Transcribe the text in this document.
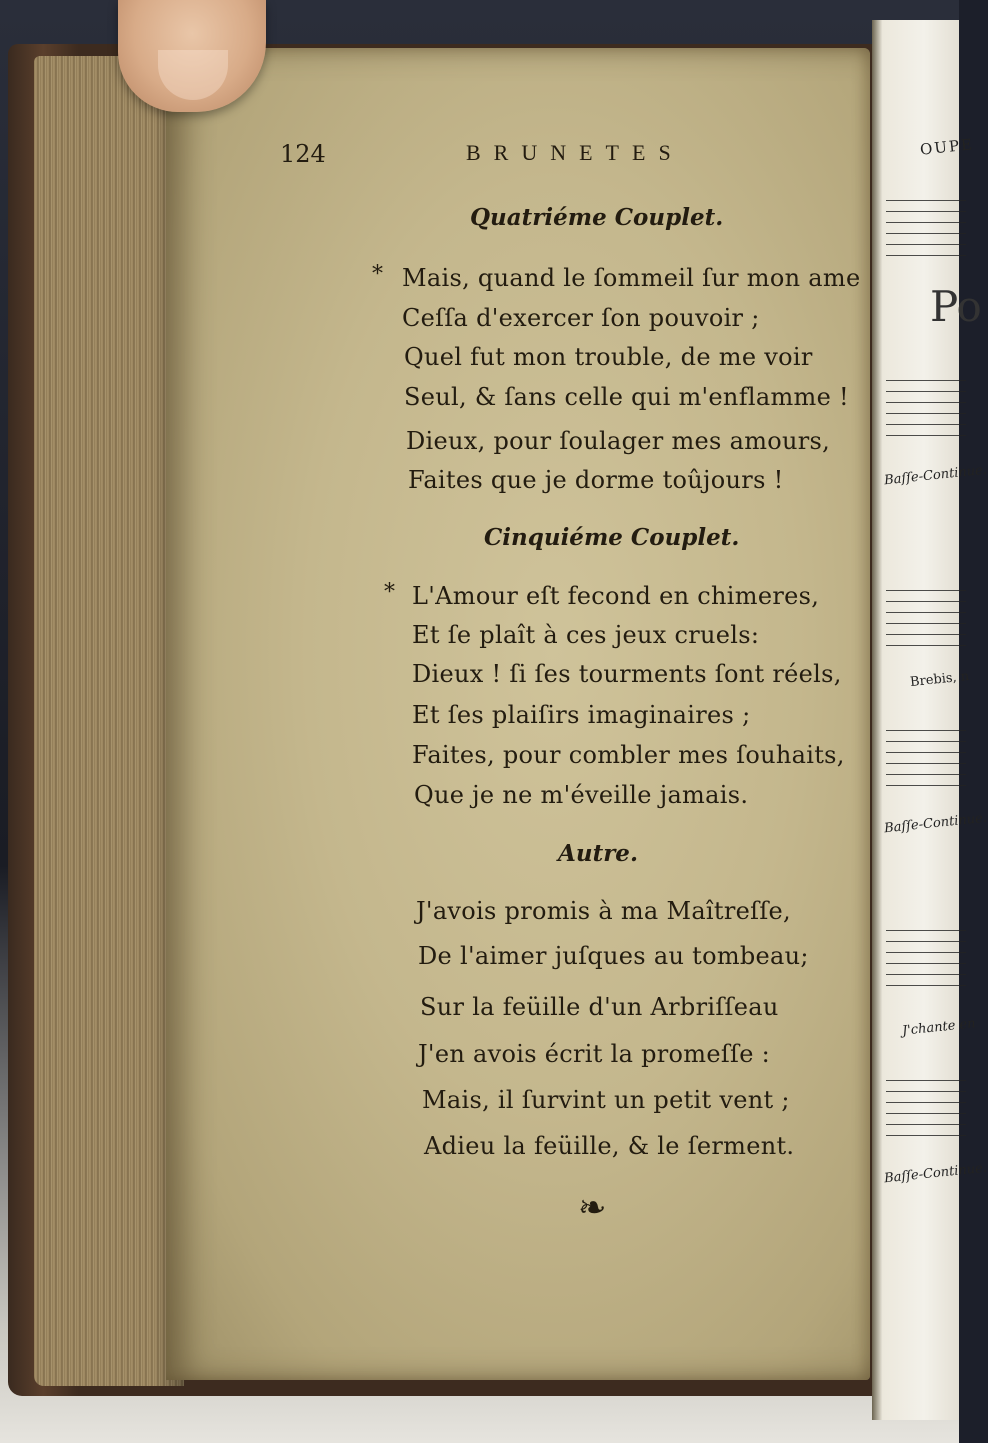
OUPE
Po
Baſſe-Continue.
Brebis, n
Baſſe-Continue.
J'chante en
Baſſe-Continue.
124	BRUNETES
Quatriéme Couplet.
* Mais, quand le ſommeil ſur mon ame
Ceſſa d'exercer ſon pouvoir ;
Quel fut mon trouble, de me voir
Seul, & ſans celle qui m'enflamme !
Dieux, pour ſoulager mes amours,
Faites que je dorme toûjours !
Cinquiéme Couplet.
* L'Amour eſt fecond en chimeres,
Et ſe plaît à ces jeux cruels:
Dieux ! ſi ſes tourments ſont réels,
Et ſes plaiſirs imaginaires ;
Faites, pour combler mes ſouhaits,
Que je ne m'éveille jamais.
Autre.
J'avois promis à ma Maîtreſſe,
De l'aimer juſques au tombeau;
Sur la feüille d'un Arbriſſeau
J'en avois écrit la promeſſe :
Mais, il ſurvint un petit vent ;
Adieu la feüille, & le ſerment.
❧
